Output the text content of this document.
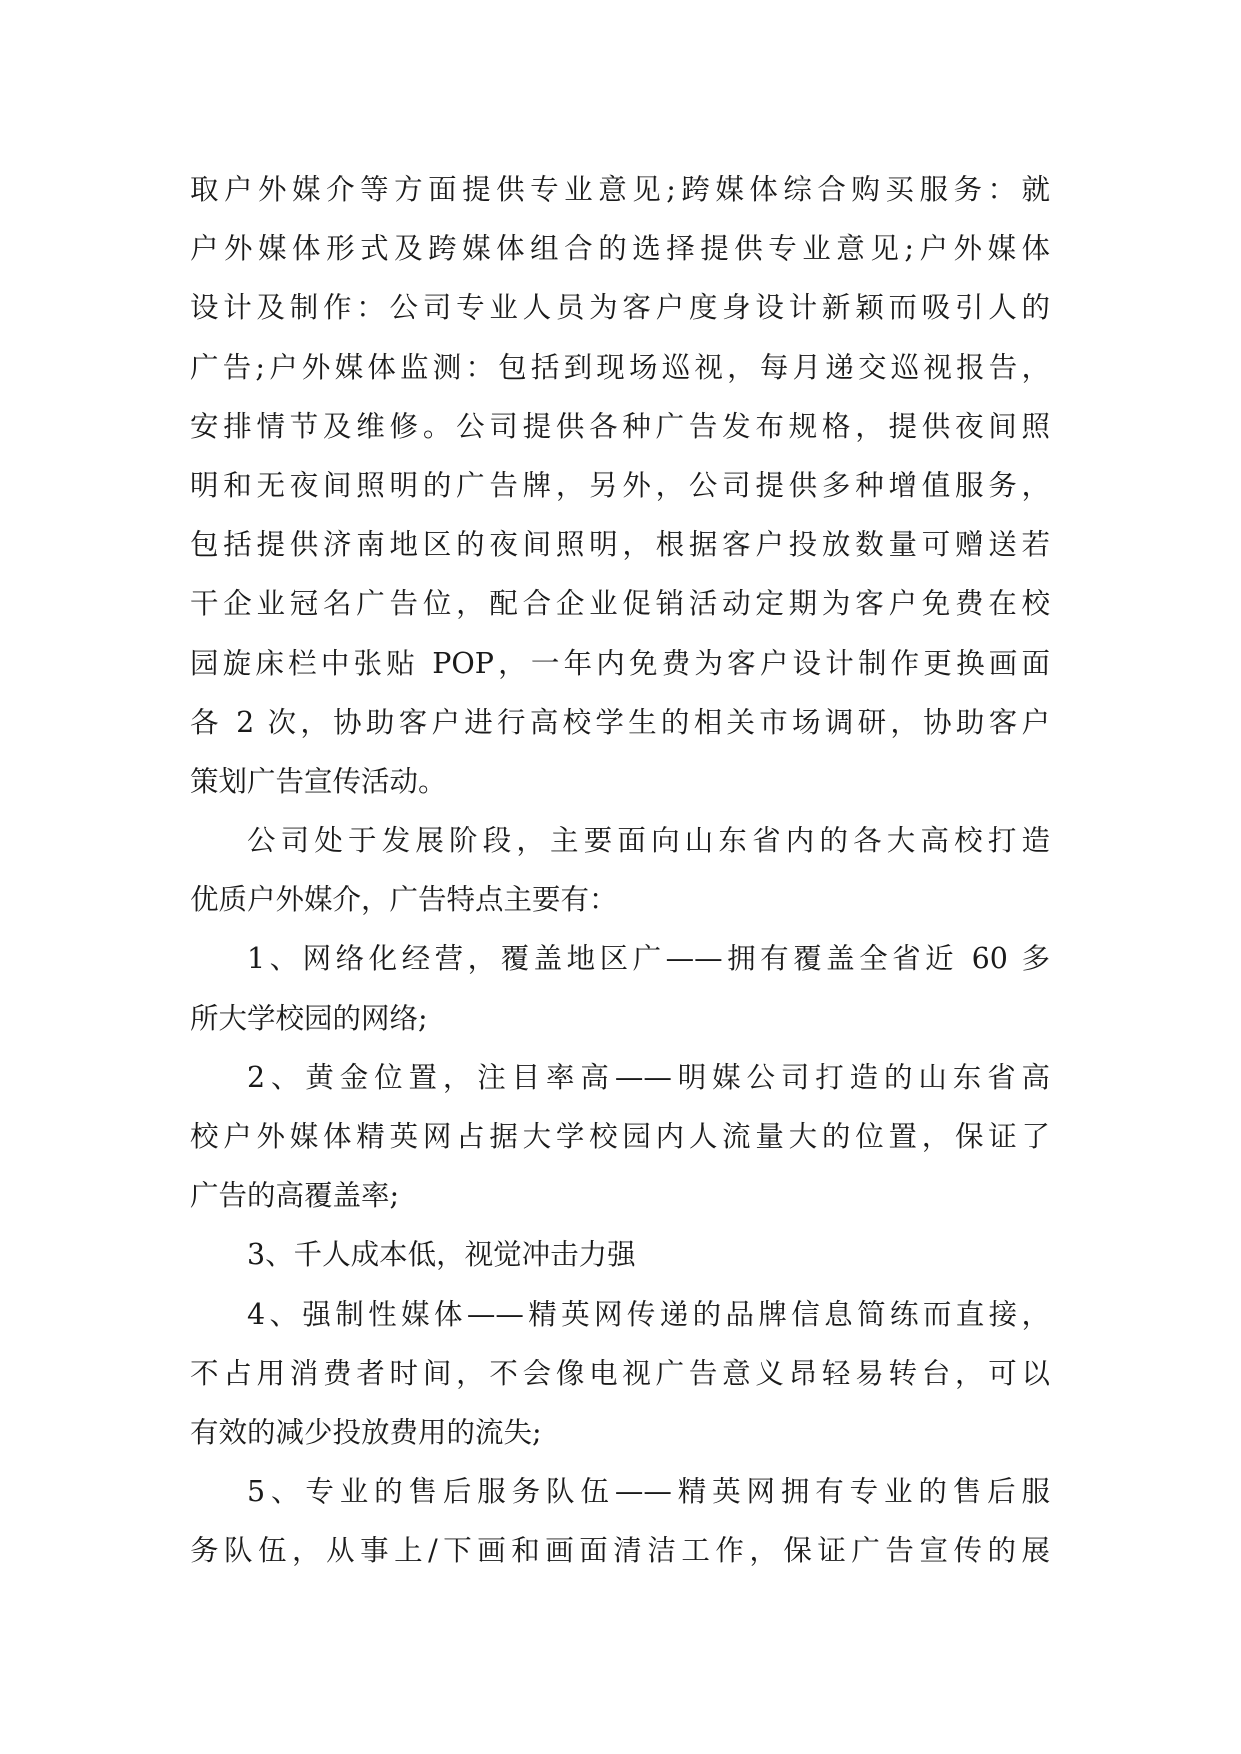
取户外媒介等方面提供专业意见;跨媒体综合购买服务：就
户外媒体形式及跨媒体组合的选择提供专业意见;户外媒体
设计及制作：公司专业人员为客户度身设计新颖而吸引人的
广告;户外媒体监测：包括到现场巡视，每月递交巡视报告，
安排情节及维修。公司提供各种广告发布规格，提供夜间照
明和无夜间照明的广告牌，另外，公司提供多种增值服务，
包括提供济南地区的夜间照明，根据客户投放数量可赠送若
干企业冠名广告位，配合企业促销活动定期为客户免费在校
园旋床栏中张贴 POP，一年内免费为客户设计制作更换画面
各 2 次，协助客户进行高校学生的相关市场调研，协助客户
策划广告宣传活动。
公司处于发展阶段，主要面向山东省内的各大高校打造
优质户外媒介，广告特点主要有：
1、网络化经营，覆盖地区广——拥有覆盖全省近 60 多
所大学校园的网络;
2、黄金位置，注目率高——明媒公司打造的山东省高
校户外媒体精英网占据大学校园内人流量大的位置，保证了
广告的高覆盖率;
3、千人成本低，视觉冲击力强
4、强制性媒体——精英网传递的品牌信息简练而直接，
不占用消费者时间，不会像电视广告意义昂轻易转台，可以
有效的减少投放费用的流失;
5、专业的售后服务队伍——精英网拥有专业的售后服
务队伍，从事上/下画和画面清洁工作，保证广告宣传的展
